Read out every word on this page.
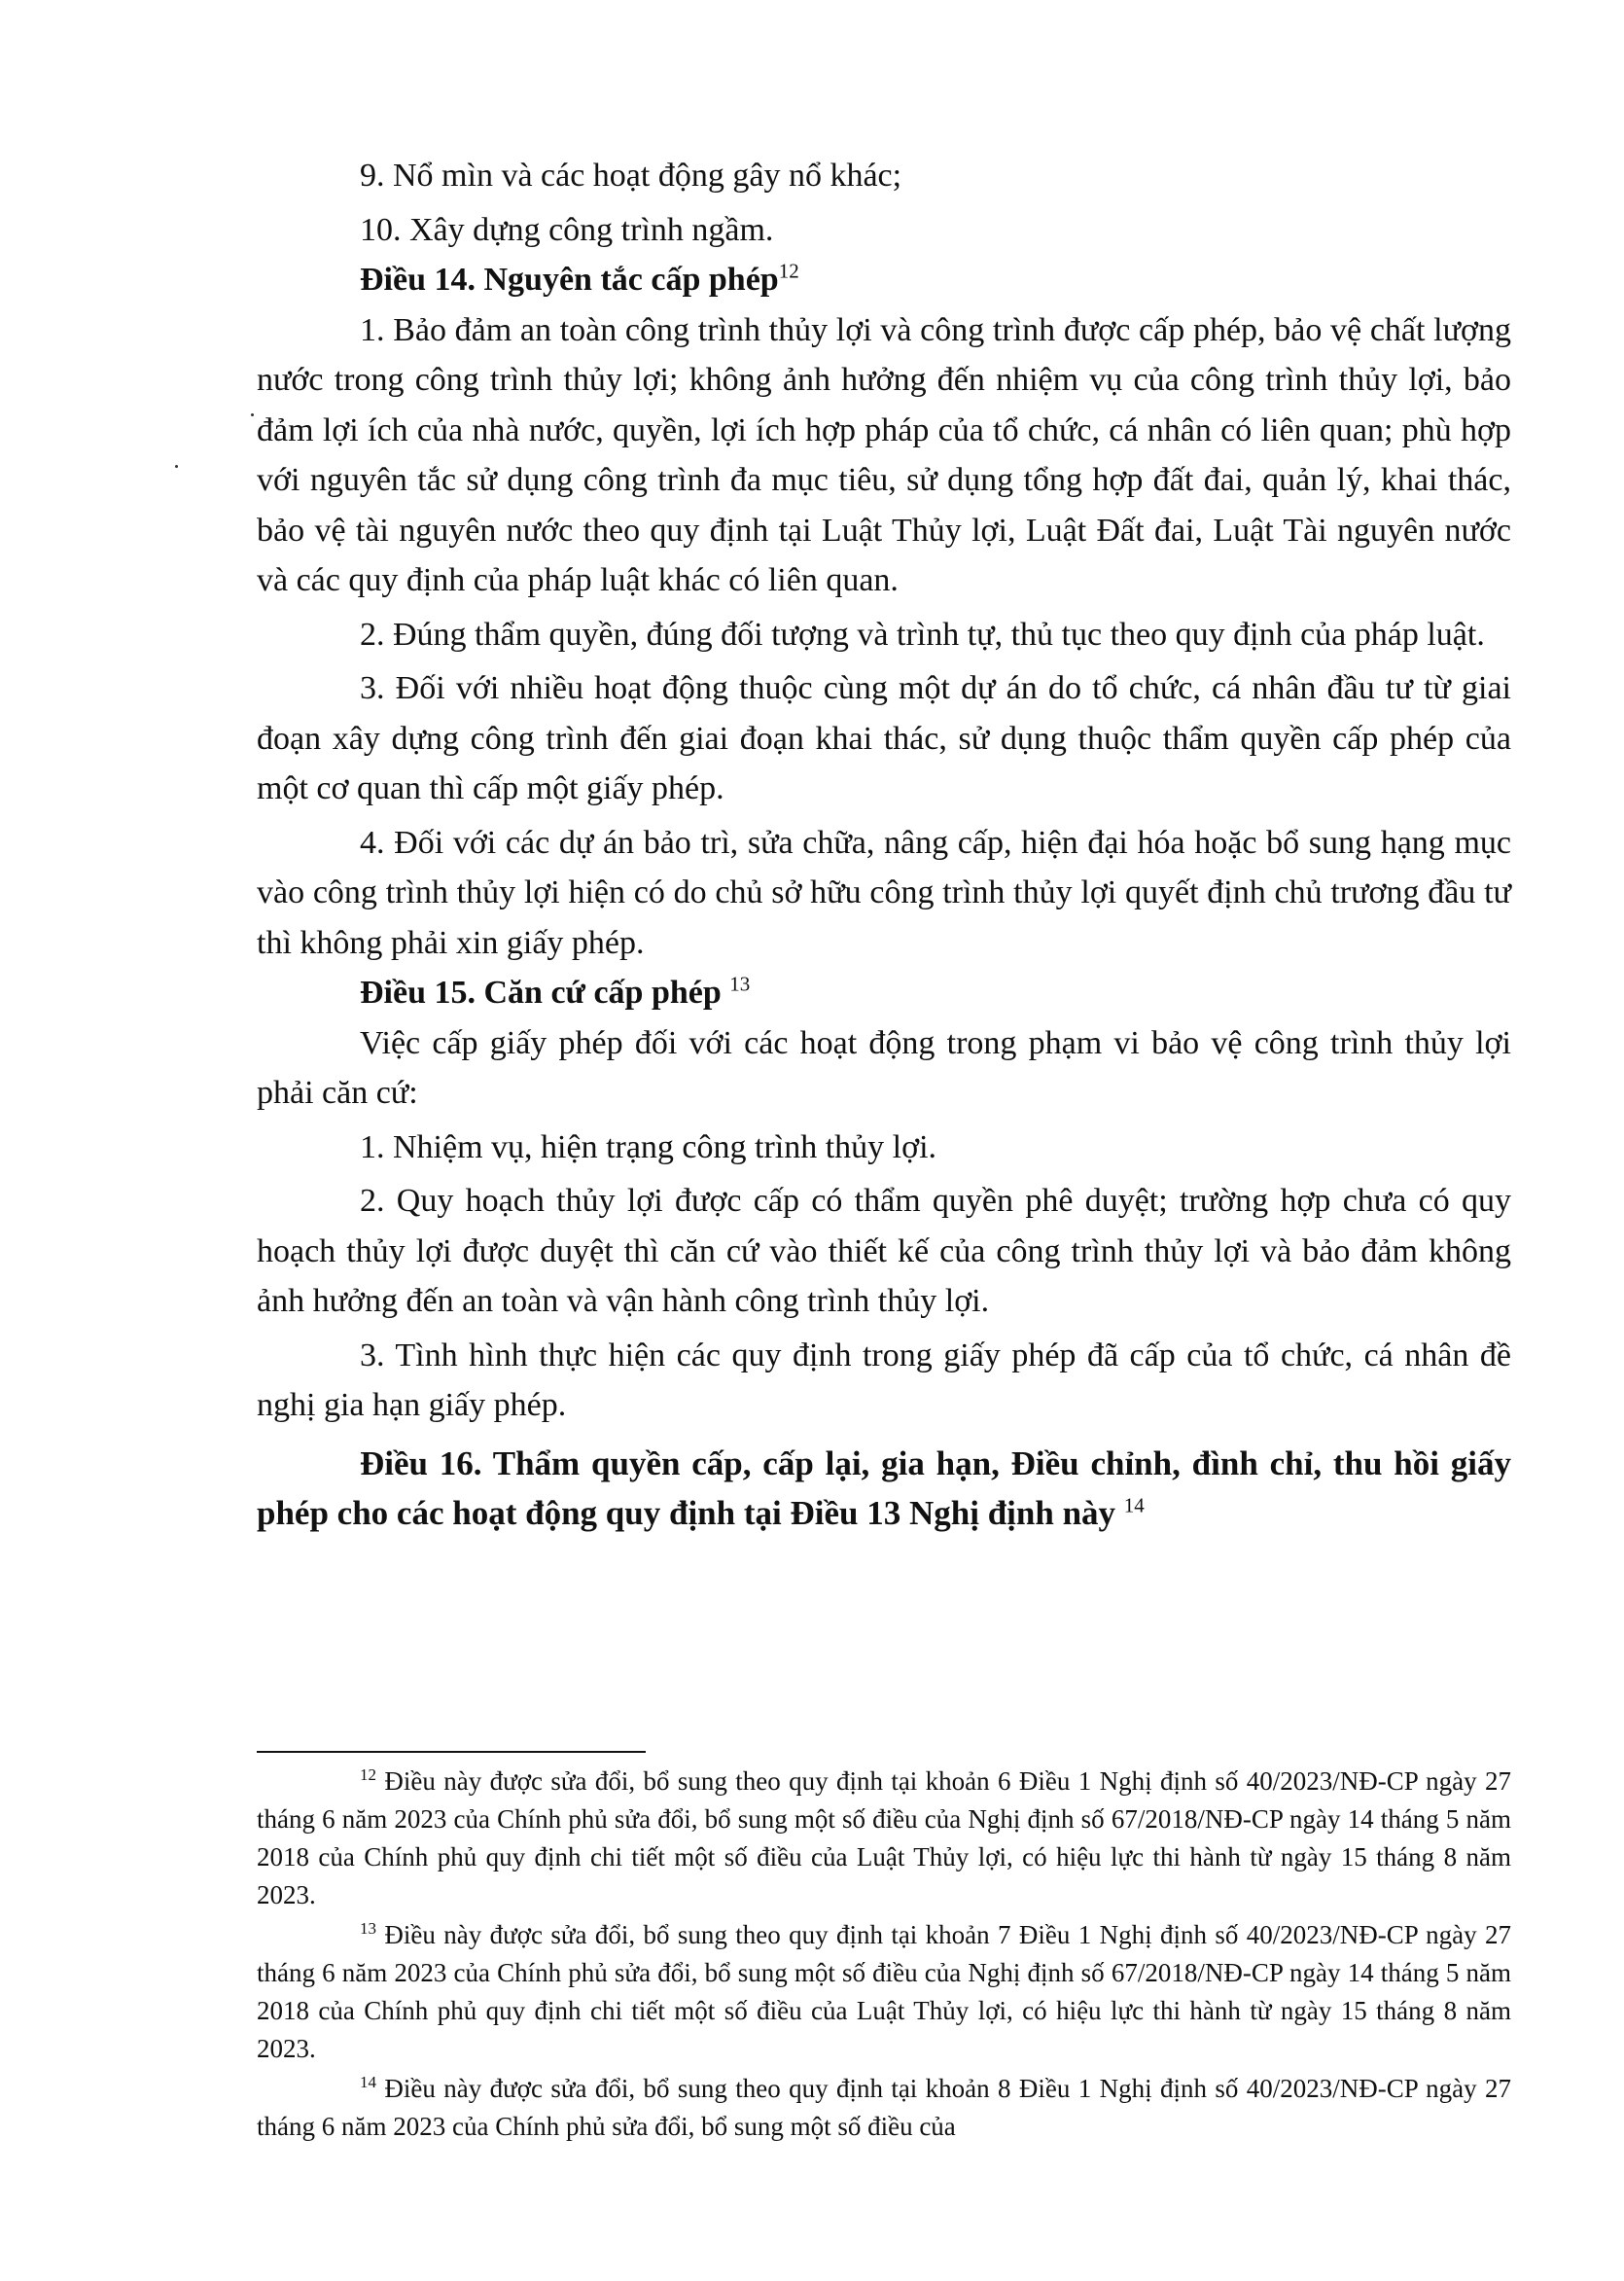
9. Nổ mìn và các hoạt động gây nổ khác;

10. Xây dựng công trình ngầm.

Điều 14. Nguyên tắc cấp phép$^{12}$

1. Bảo đảm an toàn công trình thủy lợi và công trình được cấp phép, bảo vệ chất lượng nước trong công trình thủy lợi; không ảnh hưởng đến nhiệm vụ của công trình thủy lợi, bảo đảm lợi ích của nhà nước, quyền, lợi ích hợp pháp của tổ chức, cá nhân có liên quan; phù hợp với nguyên tắc sử dụng công trình đa mục tiêu, sử dụng tổng hợp đất đai, quản lý, khai thác, bảo vệ tài nguyên nước theo quy định tại Luật Thủy lợi, Luật Đất đai, Luật Tài nguyên nước và các quy định của pháp luật khác có liên quan.

2. Đúng thẩm quyền, đúng đối tượng và trình tự, thủ tục theo quy định của pháp luật.

3. Đối với nhiều hoạt động thuộc cùng một dự án do tổ chức, cá nhân đầu tư từ giai đoạn xây dựng công trình đến giai đoạn khai thác, sử dụng thuộc thẩm quyền cấp phép của một cơ quan thì cấp một giấy phép.

4. Đối với các dự án bảo trì, sửa chữa, nâng cấp, hiện đại hóa hoặc bổ sung hạng mục vào công trình thủy lợi hiện có do chủ sở hữu công trình thủy lợi quyết định chủ trương đầu tư thì không phải xin giấy phép.

Điều 15. Căn cứ cấp phép $^{13}$

Việc cấp giấy phép đối với các hoạt động trong phạm vi bảo vệ công trình thủy lợi phải căn cứ:

1. Nhiệm vụ, hiện trạng công trình thủy lợi.

2. Quy hoạch thủy lợi được cấp có thẩm quyền phê duyệt; trường hợp chưa có quy hoạch thủy lợi được duyệt thì căn cứ vào thiết kế của công trình thủy lợi và bảo đảm không ảnh hưởng đến an toàn và vận hành công trình thủy lợi.

3. Tình hình thực hiện các quy định trong giấy phép đã cấp của tổ chức, cá nhân đề nghị gia hạn giấy phép.

Điều 16. Thẩm quyền cấp, cấp lại, gia hạn, Điều chỉnh, đình chỉ, thu hồi giấy phép cho các hoạt động quy định tại Điều 13 Nghị định này $^{14}$

$^{12}$ Điều này được sửa đổi, bổ sung theo quy định tại khoản 6 Điều 1 Nghị định số 40/2023/NĐ-CP ngày 27 tháng 6 năm 2023 của Chính phủ sửa đổi, bổ sung một số điều của Nghị định số 67/2018/NĐ-CP ngày 14 tháng 5 năm 2018 của Chính phủ quy định chi tiết một số điều của Luật Thủy lợi, có hiệu lực thi hành từ ngày 15 tháng 8 năm 2023.

$^{13}$ Điều này được sửa đổi, bổ sung theo quy định tại khoản 7 Điều 1 Nghị định số 40/2023/NĐ-CP ngày 27 tháng 6 năm 2023 của Chính phủ sửa đổi, bổ sung một số điều của Nghị định số 67/2018/NĐ-CP ngày 14 tháng 5 năm 2018 của Chính phủ quy định chi tiết một số điều của Luật Thủy lợi, có hiệu lực thi hành từ ngày 15 tháng 8 năm 2023.

$^{14}$ Điều này được sửa đổi, bổ sung theo quy định tại khoản 8 Điều 1 Nghị định số 40/2023/NĐ-CP ngày 27 tháng 6 năm 2023 của Chính phủ sửa đổi, bổ sung một số điều của
